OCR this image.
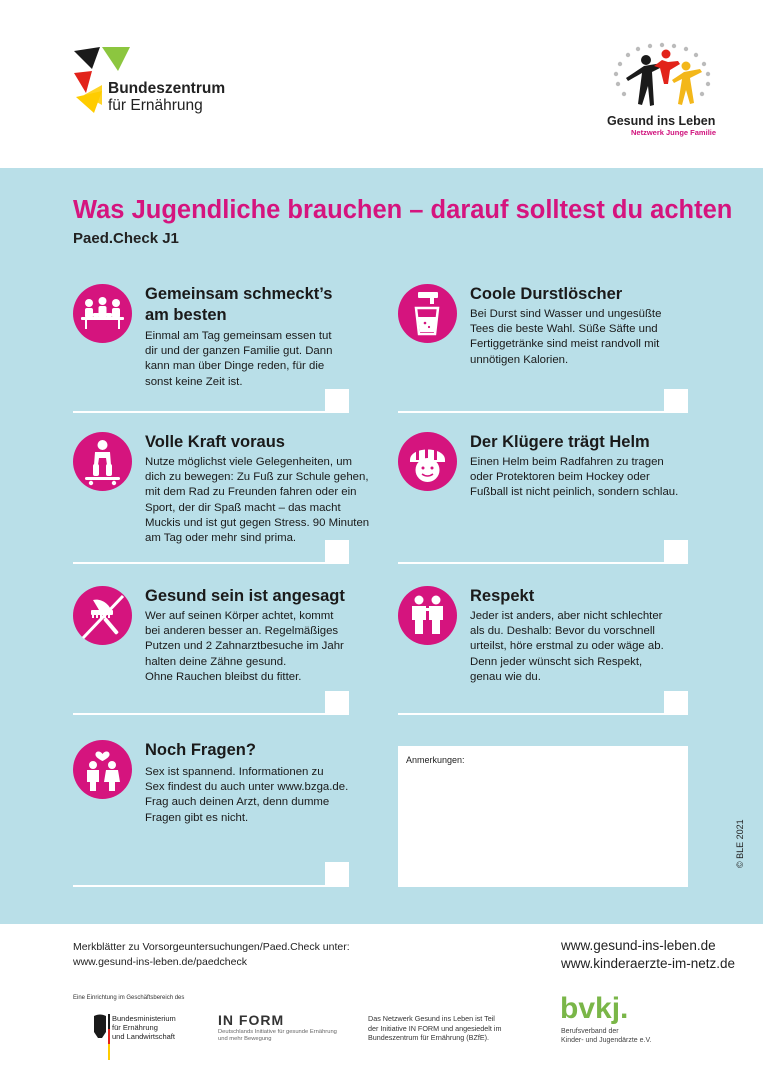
Bundeszentrum
für Ernährung
Gesund ins Leben
Netzwerk Junge Familie
Was Jugendliche brauchen – darauf solltest du achten
Paed.Check J1
Gemeinsam schmeckt’s
am besten
Einmal am Tag gemeinsam essen tut
dir und der ganzen Familie gut. Dann
kann man über Dinge reden, für die
sonst keine Zeit ist.
Coole Durstlöscher
Bei Durst sind Wasser und ungesüßte
Tees die beste Wahl. Süße Säfte und
Fertiggetränke sind meist randvoll mit
unnötigen Kalorien.
Volle Kraft voraus
Nutze möglichst viele Gelegenheiten, um
dich zu bewegen: Zu Fuß zur Schule gehen,
mit dem Rad zu Freunden fahren oder ein
Sport, der dir Spaß macht – das macht
Muckis und ist gut gegen Stress. 90 Minuten
am Tag oder mehr sind prima.
Der Klügere trägt Helm
Einen Helm beim Radfahren zu tragen
oder Protektoren beim Hockey oder
Fußball ist nicht peinlich, sondern schlau.
Gesund sein ist angesagt
Wer auf seinen Körper achtet, kommt
bei anderen besser an. Regelmäßiges
Putzen und 2 Zahnarztbesuche im Jahr
halten deine Zähne gesund.
Ohne Rauchen bleibst du fitter.
Respekt
Jeder ist anders, aber nicht schlechter
als du. Deshalb: Bevor du vorschnell
urteilst, höre erstmal zu oder wäge ab.
Denn jeder wünscht sich Respekt,
genau wie du.
Noch Fragen?
Sex ist spannend. Informationen zu
Sex findest du auch unter www.bzga.de.
Frag auch deinen Arzt, denn dumme
Fragen gibt es nicht.
Anmerkungen:
© BLE 2021
Merkblätter zu Vorsorgeuntersuchungen/Paed.Check unter:
www.gesund-ins-leben.de/paedcheck
www.gesund-ins-leben.de
www.kinderaerzte-im-netz.de
Eine Einrichtung im Geschäftsbereich des
Bundesministerium
für Ernährung
und Landwirtschaft
IN FORM
Deutschlands Initiative für gesunde Ernährung
und mehr Bewegung
Das Netzwerk Gesund ins Leben ist Teil
der Initiative IN FORM und angesiedelt im
Bundeszentrum für Ernährung (BZfE).
bvkj.
Berufsverband der
Kinder- und Jugendärzte e.V.
